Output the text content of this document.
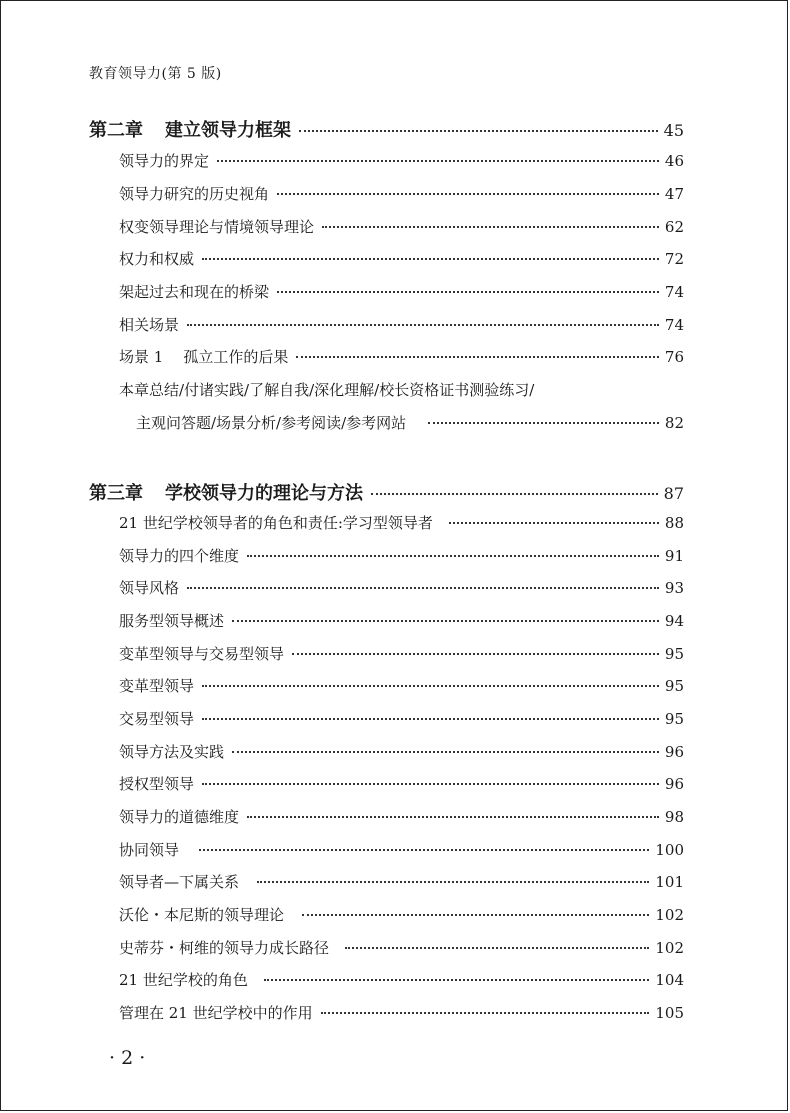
教育领导力(第 5 版)
第二章 建立领导力框架	45
领导力的界定	46
领导力研究的历史视角	47
权变领导理论与情境领导理论	62
权力和权威	72
架起过去和现在的桥梁	74
相关场景	74
场景 1 孤立工作的后果	76
本章总结/付诸实践/了解自我/深化理解/校长资格证书测验练习/
主观问答题/场景分析/参考阅读/参考网站	82
第三章 学校领导力的理论与方法	87
21 世纪学校领导者的角色和责任:学习型领导者	88
领导力的四个维度	91
领导风格	93
服务型领导概述	94
变革型领导与交易型领导	95
变革型领导	95
交易型领导	95
领导方法及实践	96
授权型领导	96
领导力的道德维度	98
协同领导	100
领导者—下属关系	101
沃伦・本尼斯的领导理论	102
史蒂芬・柯维的领导力成长路径	102
21 世纪学校的角色	104
管理在 21 世纪学校中的作用	105
· 2 ·
